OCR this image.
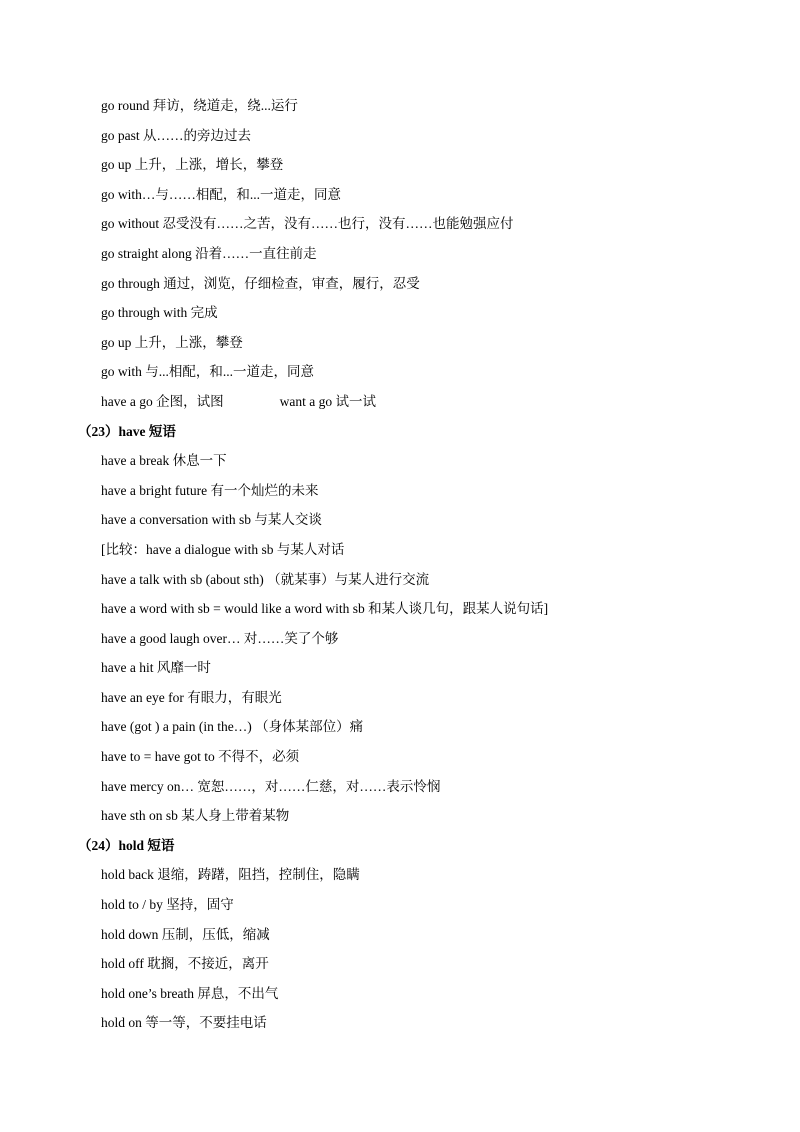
go round 拜访，绕道走，绕...运行
go past 从……的旁边过去
go up 上升，上涨，增长，攀登
go with…与……相配，和...一道走，同意
go without 忍受没有……之苦，没有……也行，没有……也能勉强应付
go straight along 沿着……一直往前走
go through 通过，浏览，仔细检查，审查，履行，忍受
go through with 完成
go up 上升，上涨，攀登
go with 与...相配，和...一道走，同意
have a go 企图，试图	want a go 试一试
（23）have 短语
have a break 休息一下
have a bright future 有一个灿烂的未来
have a conversation with sb 与某人交谈
[比较：have a dialogue with sb 与某人对话
have a talk with sb (about sth) （就某事）与某人进行交流
have a word with sb = would like a word with sb 和某人谈几句，跟某人说句话]
have a good laugh over… 对……笑了个够
have a hit 风靡一时
have an eye for 有眼力，有眼光
have (got ) a pain (in the…) （身体某部位）痛
have to = have got to 不得不，必须
have mercy on… 宽恕……，对……仁慈，对……表示怜悯
have sth on sb 某人身上带着某物
（24）hold 短语
hold back 退缩，踌躇，阻挡，控制住，隐瞒
hold to / by 坚持，固守
hold down 压制，压低，缩减
hold off 耽搁，不接近，离开
hold one’s breath 屏息，不出气
hold on 等一等，不要挂电话
